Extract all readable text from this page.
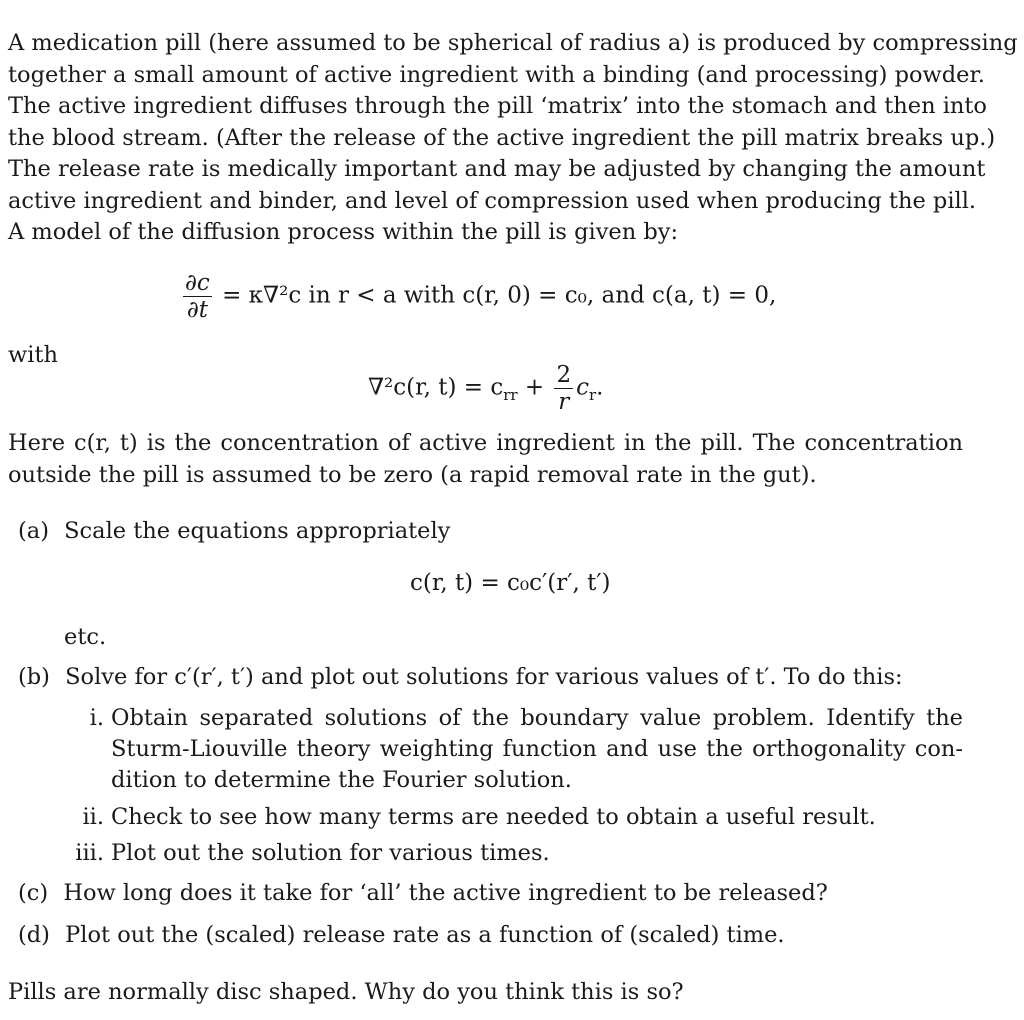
A medication pill (here assumed to be spherical of radius a) is produced by compressing
together a small amount of active ingredient with a binding (and processing) powder.
The active ingredient diffuses through the pill ‘matrix’ into the stomach and then into
the blood stream. (After the release of the active ingredient the pill matrix breaks up.)
The release rate is medically important and may be adjusted by changing the amount
active ingredient and binder, and level of compression used when producing the pill.
A model of the diffusion process within the pill is given by:
$\frac{\partial c}{\partial t} = \kappa\nabla^2c$ in r < a with c(r, 0) = c₀, and c(a, t) = 0,
with
∇²c(r, $t) = c_{rr} + \frac{2}{r} c_r$.
Here c(r, t) is the concentration of active ingredient in the pill. The concentration
outside the pill is assumed to be zero (a rapid removal rate in the gut).
(a) Scale the equations appropriately
c(r, t) = c₀c′(r′, t′)
etc.
(b) Solve for c′(r′, t′) and plot out solutions for various values of t′. To do this:
i. Obtain separated solutions of the boundary value problem. Identify the
Sturm-Liouville theory weighting function and use the orthogonality con-
dition to determine the Fourier solution.
ii. Check to see how many terms are needed to obtain a useful result.
iii. Plot out the solution for various times.
(c) How long does it take for ‘all’ the active ingredient to be released?
(d) Plot out the (scaled) release rate as a function of (scaled) time.
Pills are normally disc shaped. Why do you think this is so?
